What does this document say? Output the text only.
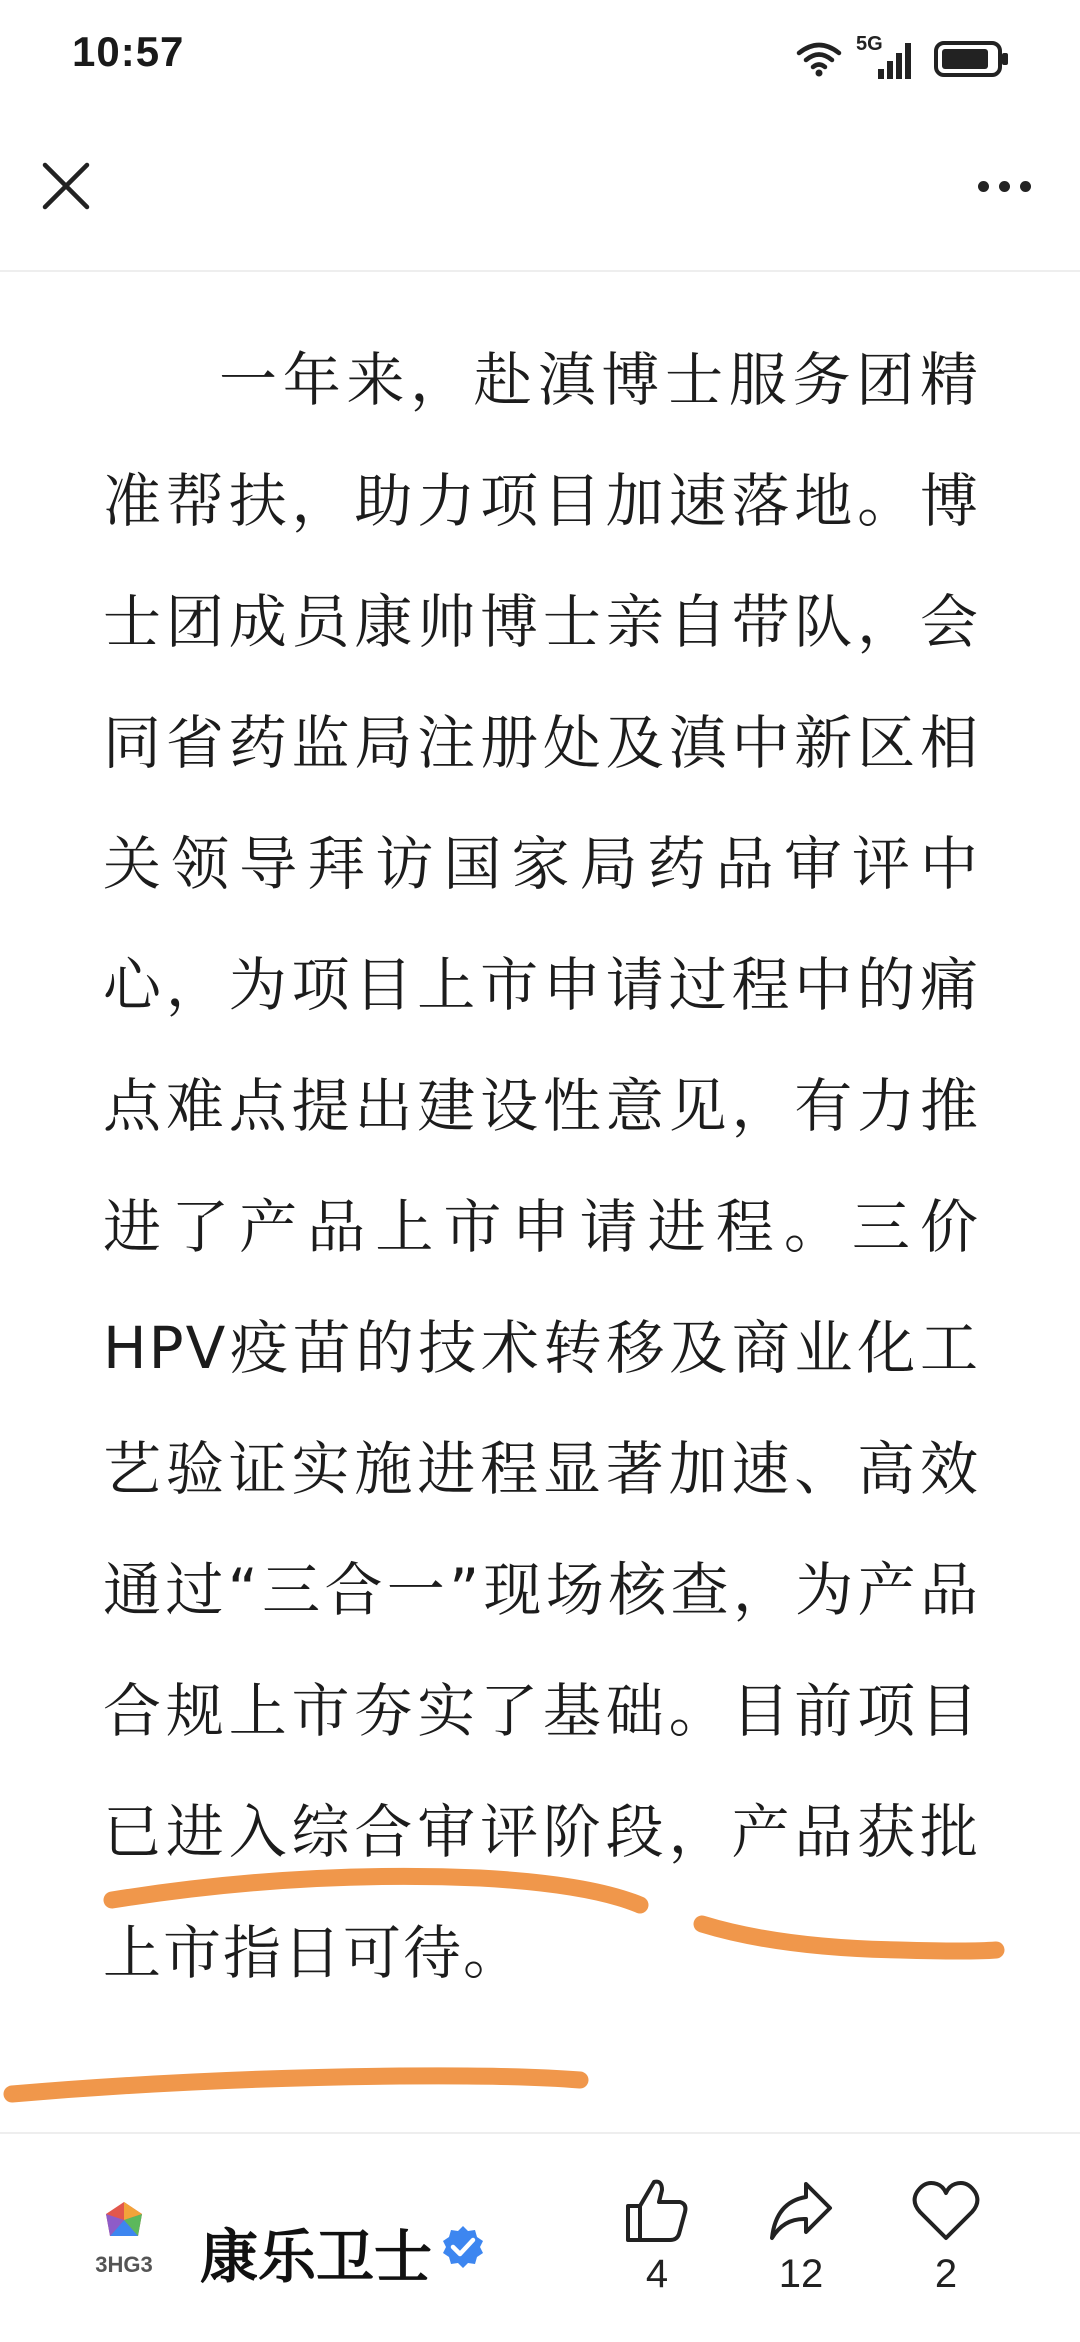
10:57	5G

一年来，赴滇博士服务团精准帮扶，助力项目加速落地。博士团成员康帅博士亲自带队，会同省药监局注册处及滇中新区相关领导拜访国家局药品审评中心，为项目上市申请过程中的痛点难点提出建设性意见，有力推进了产品上市申请进程。三价HPV疫苗的技术转移及商业化工艺验证实施进程显著加速、高效通过“三合一”现场核查，为产品合规上市夯实了基础。目前项目已进入综合审评阶段，产品获批上市指日可待。

3HG3 康乐卫士	4	12	2
